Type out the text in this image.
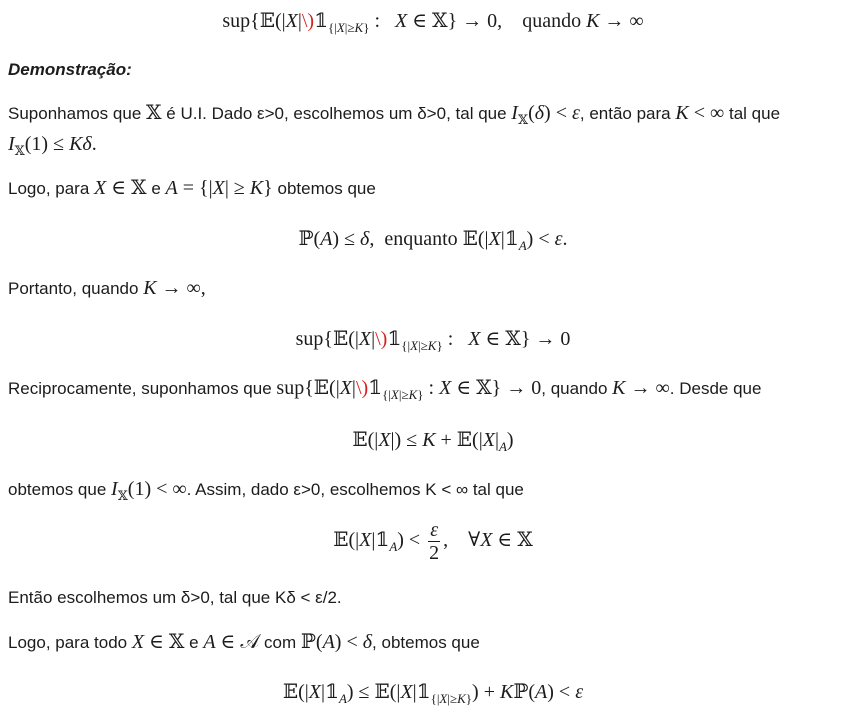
$sup\{𝔼(|X|\backslash)𝟙_{\{|X|\ge K\}}$ :   X ∈ 𝕏} → 0,    quando K → ∞
Demonstração:
Suponhamos que 𝕏 é U.I. Dado ε>0, escolhemos um δ>0, tal que $I_𝕏(\delta) < \varepsilon$, então para K < ∞ tal que
$I_𝕏(1) \le K\delta$.
Logo, para X ∈ 𝕏 e A = {|X| ≥ K} obtemos que
ℙ(A) ≤ δ,  enquanto $𝔼(|X|𝟙_A) < \varepsilon$.
Portanto, quando K → ∞,
$sup\{𝔼(|X|\backslash)𝟙_{\{|X|\ge K\}}$ :   X ∈ 𝕏} → 0
Reciprocamente, suponhamos que $sup\{𝔼(|X|\backslash)𝟙_{\{|X|\ge K\}}$ : X ∈ 𝕏} → 0, quando K → ∞. Desde que
𝔼(|X|) ≤ $K + 𝔼(|X|_A)$
obtemos que $I_𝕏(1)$ < ∞. Assim, dado ε>0, escolhemos K < ∞ tal que
$𝔼(|X|𝟙_A) < \frac{\varepsilon}{2}$ ,    ∀X ∈ 𝕏
Então escolhemos um δ>0, tal que Kδ < ε/2.
Logo, para todo X ∈ 𝕏 e A ∈ 𝒜 com ℙ(A) < δ, obtemos que
$𝔼(|X|𝟙_A)$ ≤ $𝔼(|X|𝟙_{\{|X|\ge K\}})$ + Kℙ(A) < ε
